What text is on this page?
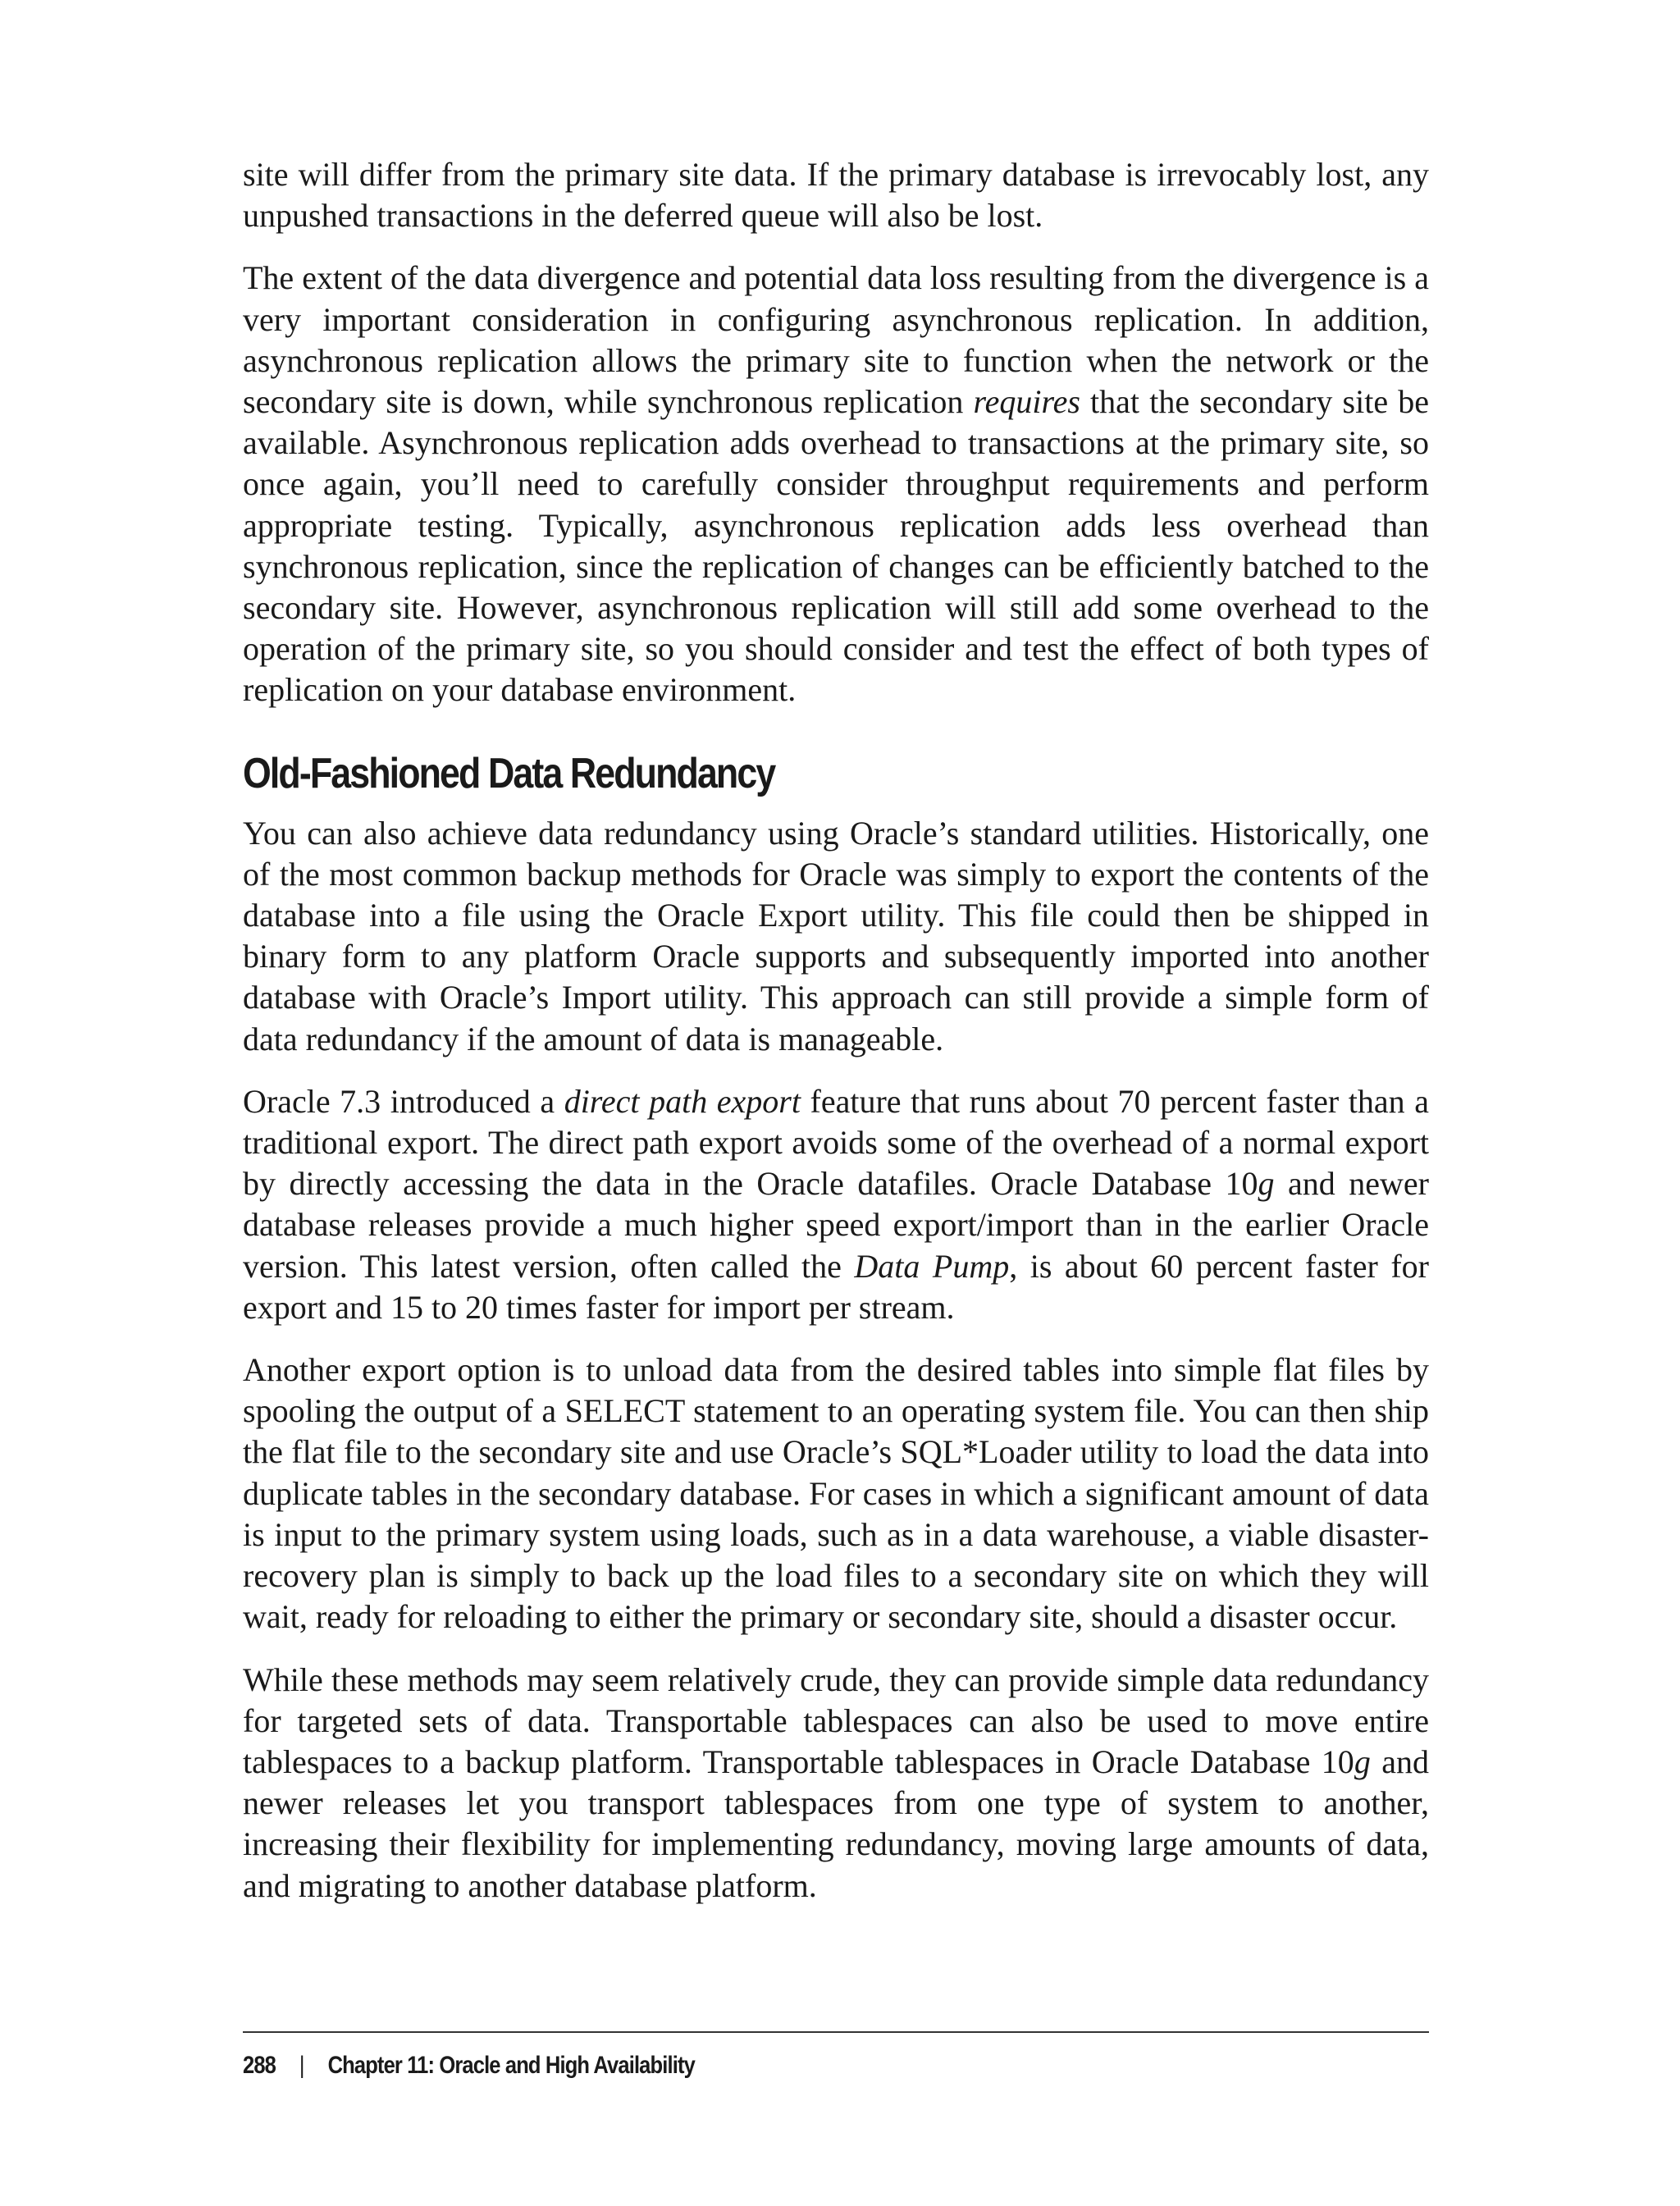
site will differ from the primary site data. If the primary database is irrevocably lost, any unpushed transactions in the deferred queue will also be lost.

The extent of the data divergence and potential data loss resulting from the divergence is a very important consideration in configuring asynchronous replication. In addition, asynchronous replication allows the primary site to function when the network or the secondary site is down, while synchronous replication requires that the secondary site be available. Asynchronous replication adds overhead to transactions at the primary site, so once again, you’ll need to carefully consider throughput requirements and perform appropriate testing. Typically, asynchronous replication adds less overhead than synchronous replication, since the replication of changes can be efficiently batched to the secondary site. However, asynchronous replication will still add some overhead to the operation of the primary site, so you should consider and test the effect of both types of replication on your database environment.

Old-Fashioned Data Redundancy

You can also achieve data redundancy using Oracle’s standard utilities. Historically, one of the most common backup methods for Oracle was simply to export the contents of the database into a file using the Oracle Export utility. This file could then be shipped in binary form to any platform Oracle supports and subsequently imported into another database with Oracle’s Import utility. This approach can still provide a simple form of data redundancy if the amount of data is manageable.

Oracle 7.3 introduced a direct path export feature that runs about 70 percent faster than a traditional export. The direct path export avoids some of the overhead of a normal export by directly accessing the data in the Oracle datafiles. Oracle Database 10g and newer database releases provide a much higher speed export/import than in the earlier Oracle version. This latest version, often called the Data Pump, is about 60 percent faster for export and 15 to 20 times faster for import per stream.

Another export option is to unload data from the desired tables into simple flat files by spooling the output of a SELECT statement to an operating system file. You can then ship the flat file to the secondary site and use Oracle’s SQL*Loader utility to load the data into duplicate tables in the secondary database. For cases in which a significant amount of data is input to the primary system using loads, such as in a data warehouse, a viable disaster-recovery plan is simply to back up the load files to a secondary site on which they will wait, ready for reloading to either the primary or secondary site, should a disaster occur.

While these methods may seem relatively crude, they can provide simple data redundancy for targeted sets of data. Transportable tablespaces can also be used to move entire tablespaces to a backup platform. Transportable tablespaces in Oracle Database 10g and newer releases let you transport tablespaces from one type of system to another, increasing their flexibility for implementing redundancy, moving large amounts of data, and migrating to another database platform.

288 | Chapter 11: Oracle and High Availability
